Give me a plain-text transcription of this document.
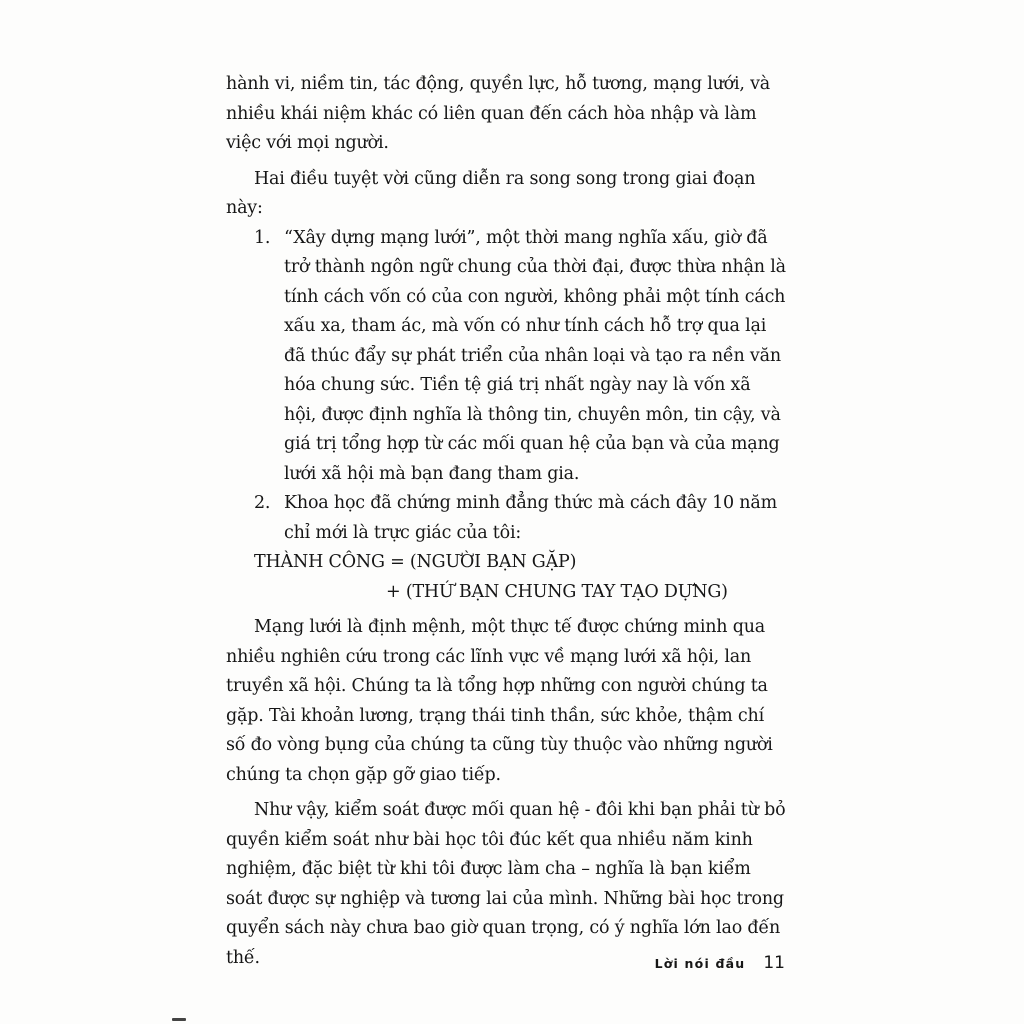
hành vi, niềm tin, tác động, quyền lực, hỗ tương, mạng lưới, và nhiều khái niệm khác có liên quan đến cách hòa nhập và làm việc với mọi người.

Hai điều tuyệt vời cũng diễn ra song song trong giai đoạn này:

1. “Xây dựng mạng lưới”, một thời mang nghĩa xấu, giờ đã trở thành ngôn ngữ chung của thời đại, được thừa nhận là tính cách vốn có của con người, không phải một tính cách xấu xa, tham ác, mà vốn có như tính cách hỗ trợ qua lại đã thúc đẩy sự phát triển của nhân loại và tạo ra nền văn hóa chung sức. Tiền tệ giá trị nhất ngày nay là vốn xã hội, được định nghĩa là thông tin, chuyên môn, tin cậy, và giá trị tổng hợp từ các mối quan hệ của bạn và của mạng lưới xã hội mà bạn đang tham gia.
2. Khoa học đã chứng minh đẳng thức mà cách đây 10 năm chỉ mới là trực giác của tôi:

THÀNH CÔNG = (NGƯỜI BẠN GẶP)

+ (THỨ BẠN CHUNG TAY TẠO DỰNG)

Mạng lưới là định mệnh, một thực tế được chứng minh qua nhiều nghiên cứu trong các lĩnh vực về mạng lưới xã hội, lan truyền xã hội. Chúng ta là tổng hợp những con người chúng ta gặp. Tài khoản lương, trạng thái tinh thần, sức khỏe, thậm chí số đo vòng bụng của chúng ta cũng tùy thuộc vào những người chúng ta chọn gặp gỡ giao tiếp.

Như vậy, kiểm soát được mối quan hệ - đôi khi bạn phải từ bỏ quyền kiểm soát như bài học tôi đúc kết qua nhiều năm kinh nghiệm, đặc biệt từ khi tôi được làm cha – nghĩa là bạn kiểm soát được sự nghiệp và tương lai của mình. Những bài học trong quyển sách này chưa bao giờ quan trọng, có ý nghĩa lớn lao đến thế.	Lời nói đầu 11
